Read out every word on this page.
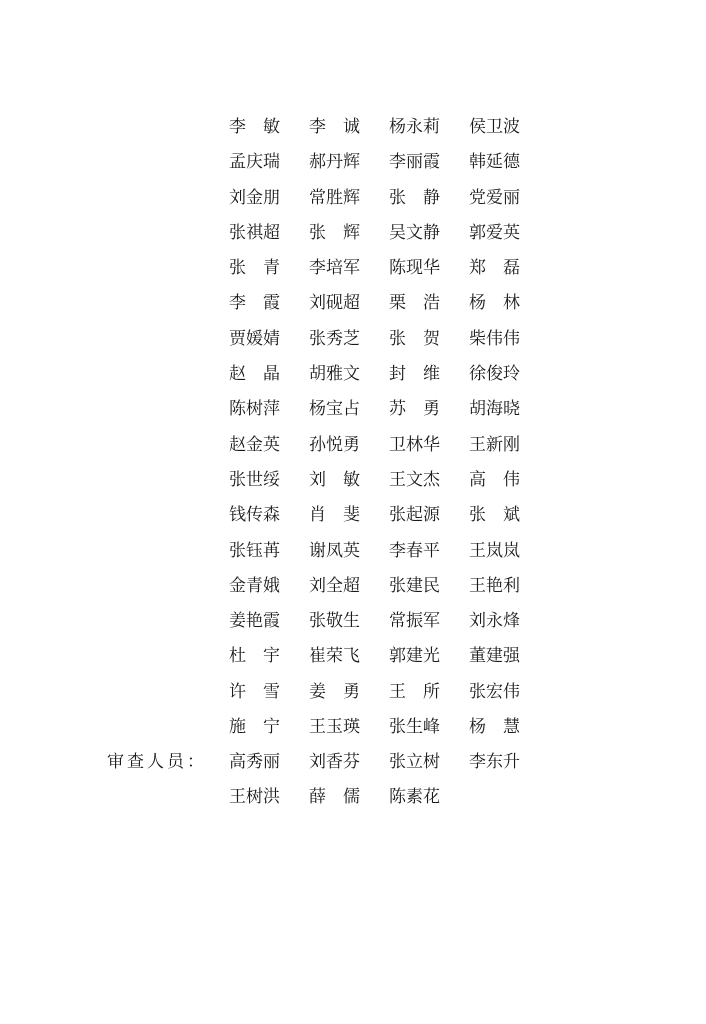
李　敏 李　诚 杨永莉 侯卫波
孟庆瑞 郝丹辉 李丽霞 韩延德
刘金朋 常胜辉 张　静 党爱丽
张祺超 张　辉 吴文静 郭爱英
张　青 李培军 陈现华 郑　磊
李　霞 刘砚超 栗　浩 杨　林
贾媛婧 张秀芝 张　贺 柴伟伟
赵　晶 胡雅文 封　维 徐俊玲
陈树萍 杨宝占 苏　勇 胡海晓
赵金英 孙悦勇 卫林华 王新刚
张世绥 刘　敏 王文杰 高　伟
钱传森 肖　斐 张起源 张　斌
张钰苒 谢凤英 李春平 王岚岚
金青娥 刘全超 张建民 王艳利
姜艳霞 张敬生 常振军 刘永烽
杜　宇 崔荣飞 郭建光 董建强
许　雪 姜　勇 王　所 张宏伟
施　宁 王玉瑛 张生峰 杨　慧
审查人员：	高秀丽 刘香芬 张立树 李东升
王树洪 薛　儒 陈素花
